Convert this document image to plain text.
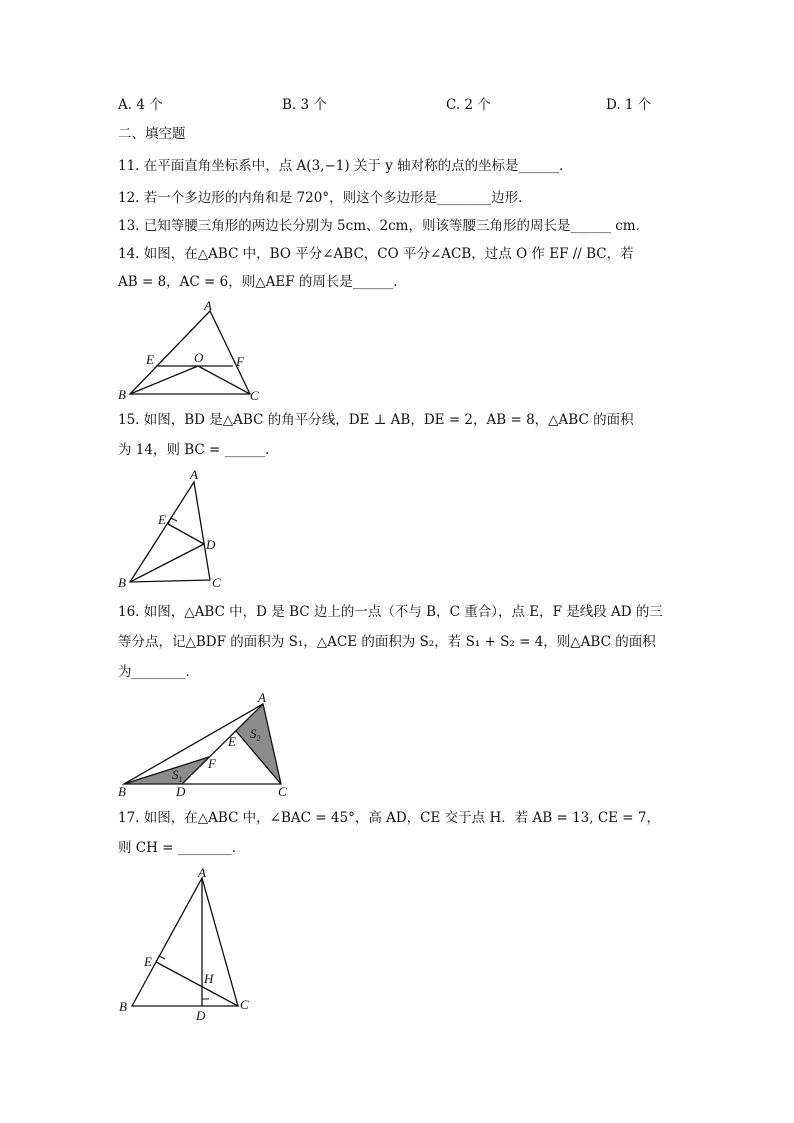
A. 4 个	B. 3 个	C. 2 个	D. 1 个
二、填空题
11. 在平面直角坐标系中，点 A(3,−1) 关于 y 轴对称的点的坐标是______．
12. 若一个多边形的内角和是 720°，则这个多边形是________边形．
13. 已知等腰三角形的两边长分别为 5cm、2cm，则该等腰三角形的周长是______ cm．
14. 如图，在△ABC 中，BO 平分∠ABC，CO 平分∠ACB，过点 O 作 EF // BC，若
AB = 8，AC = 6，则△AEF 的周长是______．
A
B	C
E	F
O
15. 如图，BD 是△ABC 的角平分线，DE ⊥ AB，DE = 2，AB = 8，△ABC 的面积
为 14，则 BC = ______．
A
B	C
D
E
16. 如图，△ABC 中，D 是 BC 边上的一点（不与 B，C 重合），点 E，F 是线段 AD 的三
等分点，记△BDF 的面积为 S₁，△ACE 的面积为 S₂，若 S₁ + S₂ = 4，则△ABC 的面积
为________．
A
B	C
D
E
F
$S_1$
$S_2$
17. 如图，在△ABC 中，∠BAC = 45°，高 AD，CE 交于点 H．若 AB = 13, CE = 7，
则 CH = ________．
A
B	C
D
E
H
